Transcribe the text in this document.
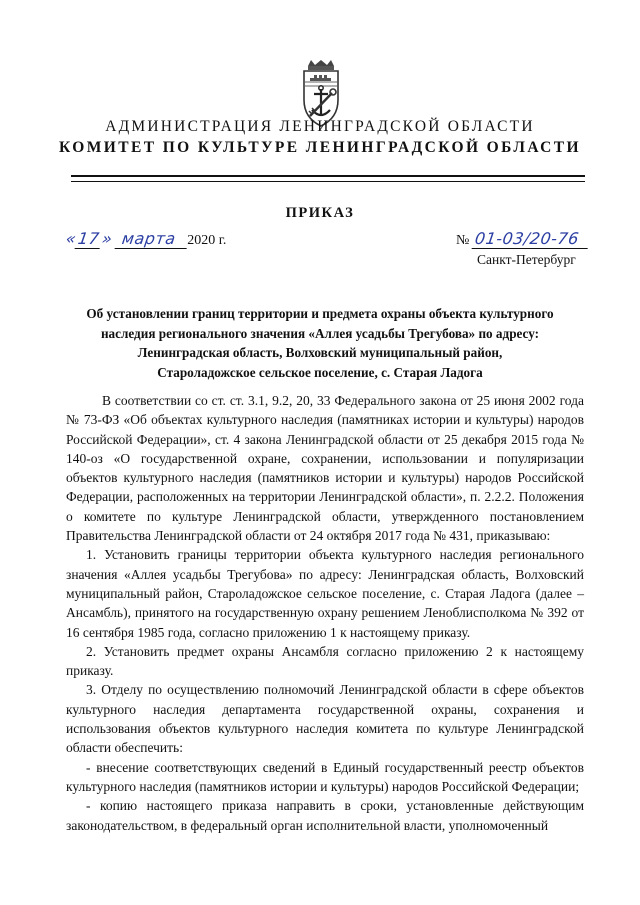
АДМИНИСТРАЦИЯ ЛЕНИНГРАДСКОЙ ОБЛАСТИ
КОМИТЕТ ПО КУЛЬТУРЕ ЛЕНИНГРАДСКОЙ ОБЛАСТИ
ПРИКАЗ
«17» марта 2020 г.	№ 01-03/20-76
Санкт-Петербург
Об установлении границ территории и предмета охраны объекта культурного
наследия регионального значения «Аллея усадьбы Трегубова» по адресу:
Ленинградская область, Волховский муниципальный район,
Староладожское сельское поселение, с. Старая Ладога

В соответствии со ст. ст. 3.1, 9.2, 20, 33 Федерального закона от 25 июня 2002 года № 73-ФЗ «Об объектах культурного наследия (памятниках истории и культуры) народов Российской Федерации», ст. 4 закона Ленинградской области от 25 декабря 2015 года № 140-оз «О государственной охране, сохранении, использовании и популяризации объектов культурного наследия (памятников истории и культуры) народов Российской Федерации, расположенных на территории Ленинградской области», п. 2.2.2. Положения о комитете по культуре Ленинградской области, утвержденного постановлением Правительства Ленинградской области от 24 октября 2017 года № 431, приказываю:

1. Установить границы территории объекта культурного наследия регионального значения «Аллея усадьбы Трегубова» по адресу: Ленинградская область, Волховский муниципальный район, Староладожское сельское поселение, с. Старая Ладога (далее – Ансамбль), принятого на государственную охрану решением Леноблисполкома № 392 от 16 сентября 1985 года, согласно приложению 1 к настоящему приказу.

2. Установить предмет охраны Ансамбля согласно приложению 2 к настоящему приказу.

3. Отделу по осуществлению полномочий Ленинградской области в сфере объектов культурного наследия департамента государственной охраны, сохранения и использования объектов культурного наследия комитета по культуре Ленинградской области обеспечить:

- внесение соответствующих сведений в Единый государственный реестр объектов культурного наследия (памятников истории и культуры) народов Российской Федерации;

- копию настоящего приказа направить в сроки, установленные действующим законодательством, в федеральный орган исполнительной власти, уполномоченный
